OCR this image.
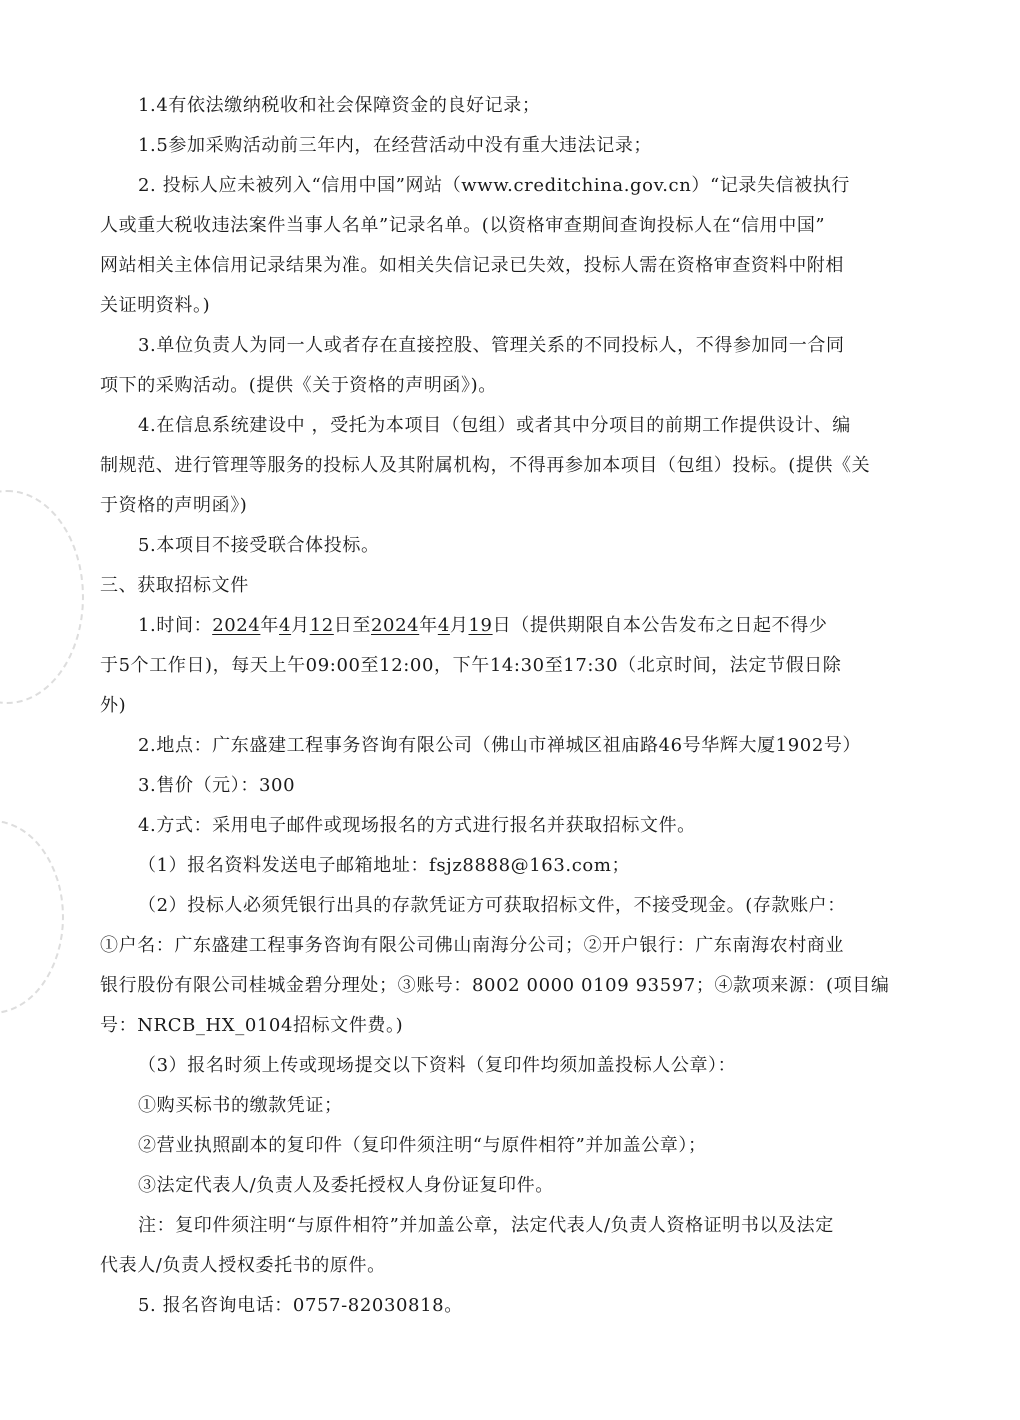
1.4有依法缴纳税收和社会保障资金的良好记录；
1.5参加采购活动前三年内，在经营活动中没有重大违法记录；
2. 投标人应未被列入“信用中国”网站（www.creditchina.gov.cn）“记录失信被执行
人或重大税收违法案件当事人名单”记录名单。(以资格审查期间查询投标人在“信用中国”
网站相关主体信用记录结果为准。如相关失信记录已失效，投标人需在资格审查资料中附相
关证明资料。)
3.单位负责人为同一人或者存在直接控股、管理关系的不同投标人，不得参加同一合同
项下的采购活动。(提供《关于资格的声明函》)。
4.在信息系统建设中 ，受托为本项目（包组）或者其中分项目的前期工作提供设计、编
制规范、进行管理等服务的投标人及其附属机构，不得再参加本项目（包组）投标。(提供《关
于资格的声明函》)
5.本项目不接受联合体投标。
三、获取招标文件
1.时间：2024年4月12日至2024年4月19日（提供期限自本公告发布之日起不得少
于5个工作日)，每天上午09:00至12:00，下午14:30至17:30（北京时间，法定节假日除
外)
2.地点：广东盛建工程事务咨询有限公司（佛山市禅城区祖庙路46号华辉大厦1902号）
3.售价（元）：300
4.方式：采用电子邮件或现场报名的方式进行报名并获取招标文件。
（1）报名资料发送电子邮箱地址：fsjz8888@163.com；
（2）投标人必须凭银行出具的存款凭证方可获取招标文件，不接受现金。(存款账户：
①户名：广东盛建工程事务咨询有限公司佛山南海分公司；②开户银行：广东南海农村商业
银行股份有限公司桂城金碧分理处；③账号：8002 0000 0109 93597；④款项来源：(项目编
号：NRCB_HX_0104招标文件费。)
（3）报名时须上传或现场提交以下资料（复印件均须加盖投标人公章）：
①购买标书的缴款凭证；
②营业执照副本的复印件（复印件须注明“与原件相符”并加盖公章）；
③法定代表人/负责人及委托授权人身份证复印件。
注：复印件须注明“与原件相符”并加盖公章，法定代表人/负责人资格证明书以及法定
代表人/负责人授权委托书的原件。
5. 报名咨询电话：0757-82030818。
